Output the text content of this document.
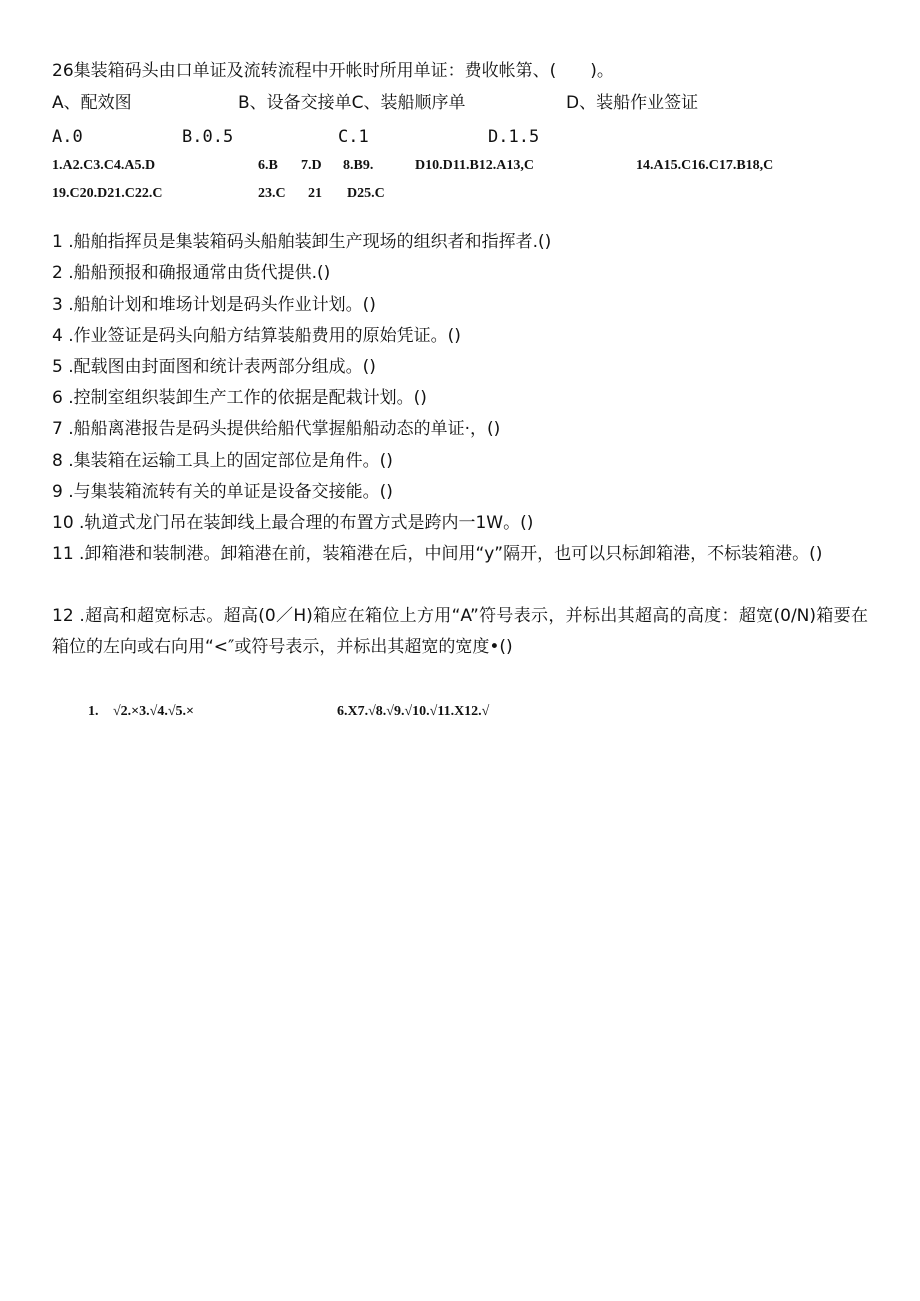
26集装箱码头由口单证及流转流程中开帐时所用单证：费收帐第、(　　)。
A、配效图	B、设备交接单C、装船顺序单	D、装船作业签证
A.0	B.0.5	C.1	D.1.5
1.A2.C3.C4.A5.D	6.B 7.D 8.B9.	D10.D11.B12.A13,C	14.A15.C16.C17.B18,C
19.C20.D21.C22.C	23.C 21 D25.C
1 .船舶指挥员是集装箱码头船舶装卸生产现场的组织者和指挥者.()
2 .船船预报和确报通常由货代提供.()
3 .船舶计划和堆场计划是码头作业计划。()
4 .作业签证是码头向船方结算装船费用的原始凭证。()
5 .配载图由封面图和统计表两部分组成。()
6 .控制室组织装卸生产工作的依据是配栽计划。()
7 .船船离港报告是码头提供给船代掌握船船动态的单证·，()
8 .集装箱在运输工具上的固定部位是角件。()
9 .与集装箱流转有关的单证是设备交接能。()
10 .轨道式龙门吊在装卸线上最合理的布置方式是跨内一1W。()
11 .卸箱港和装制港。卸箱港在前，装箱港在后，中间用“y”隔开，也可以只标卸箱港，不标装箱港。()
12 .超高和超宽标志。超高(0／H)箱应在箱位上方用“A”符号表示，并标出其超高的高度：超宽(0/N)箱要在箱位的左向或右向用“<″或符号表示，并标出其超宽的宽度•()
1. √2.×3.√4.√5.×	6.X7.√8.√9.√10.√11.X12.√
